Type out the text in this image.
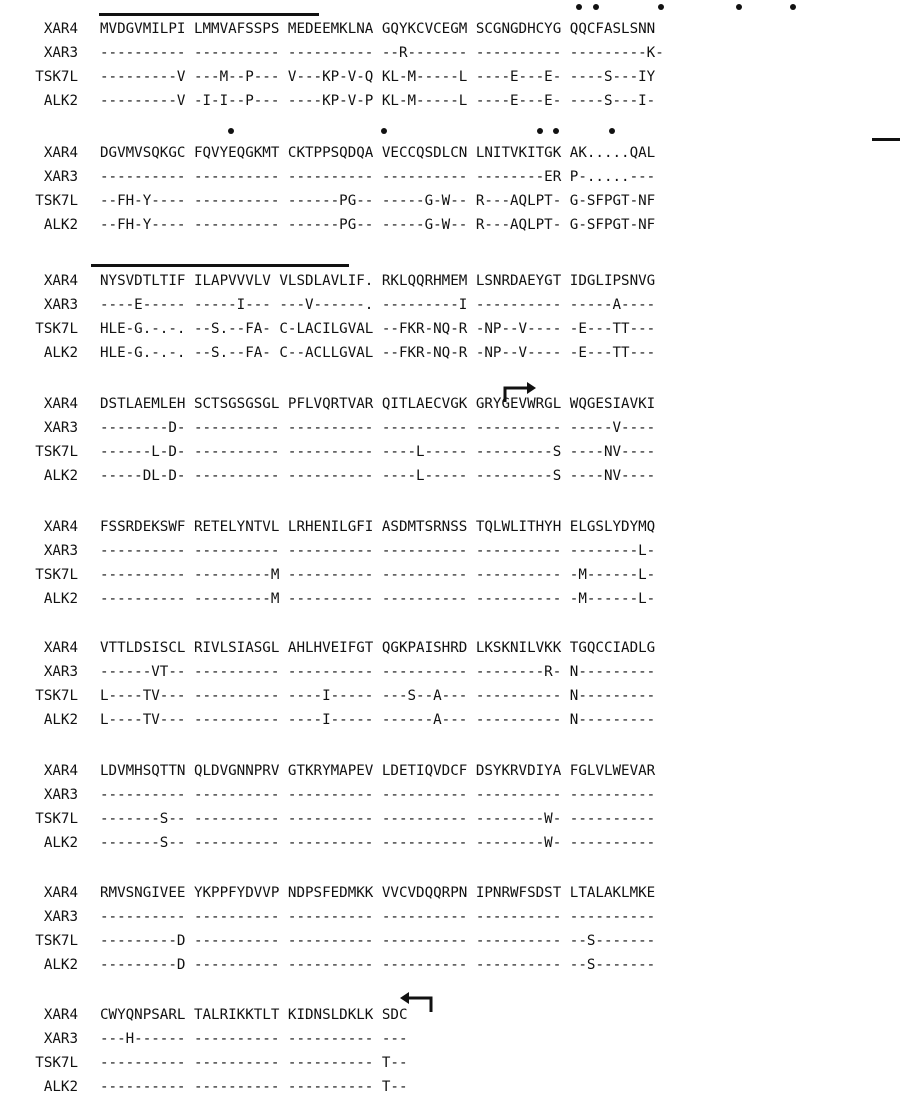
XAR4 MVDGVMILPI LMMVAFSSPS MEDEEMKLNA GQYKCVCEGM SCGNGDHCYG QQCFASLSNN
XAR3 ---------- ---------- ---------- --R------- ---------- ---------K-
TSK7L ---------V ---M--P--- V---KP-V-Q KL-M-----L ----E---E- ----S---IY
ALK2 ---------V -I-I--P--- ----KP-V-P KL-M-----L ----E---E- ----S---I-
XAR4 DGVMVSQKGC FQVYEQGKMT CKTPPSQDQA VECCQSDLCN LNITVKITGK AK.....QAL
XAR3 ---------- ---------- ---------- ---------- --------ER P-.....---
TSK7L --FH-Y---- ---------- ------PG-- -----G-W-- R---AQLPT- G-SFPGT-NF
ALK2 --FH-Y---- ---------- ------PG-- -----G-W-- R---AQLPT- G-SFPGT-NF
XAR4 NYSVDTLTIF ILAPVVVLV VLSDLAVLIF. RKLQQRHMEM LSNRDAEYGT IDGLIPSNVG
XAR3 ----E----- -----I--- ---V------. ---------I ---------- -----A----
TSK7L HLE-G.-.-. --S.--FA- C-LACILGVAL --FKR-NQ-R -NP--V---- -E---TT---
ALK2 HLE-G.-.-. --S.--FA- C--ACLLGVAL --FKR-NQ-R -NP--V---- -E---TT---
XAR4 DSTLAEMLEH SCTSGSGSGL PFLVQRTVAR QITLAECVGK GRYGEVWRGL WQGESIAVKI
XAR3 --------D- ---------- ---------- ---------- ---------- -----V----
TSK7L ------L-D- ---------- ---------- ----L----- ---------S ----NV----
ALK2 -----DL-D- ---------- ---------- ----L----- ---------S ----NV----
XAR4 FSSRDEKSWF RETELYNTVL LRHENILGFI ASDMTSRNSS TQLWLITHYH ELGSLYDYMQ
XAR3 ---------- ---------- ---------- ---------- ---------- --------L-
TSK7L ---------- ---------M ---------- ---------- ---------- -M------L-
ALK2 ---------- ---------M ---------- ---------- ---------- -M------L-
XAR4 VTTLDSISCL RIVLSIASGL AHLHVEIFGT QGKPAISHRD LKSKNILVKK TGQCCIADLG
XAR3 ------VT-- ---------- ---------- ---------- --------R- N---------
TSK7L L----TV--- ---------- ----I----- ---S--A--- ---------- N---------
ALK2 L----TV--- ---------- ----I----- ------A--- ---------- N---------
XAR4 LDVMHSQTTN QLDVGNNPRV GTKRYMAPEV LDETIQVDCF DSYKRVDIYA FGLVLWEVAR
XAR3 ---------- ---------- ---------- ---------- ---------- ----------
TSK7L -------S-- ---------- ---------- ---------- --------W- ----------
ALK2 -------S-- ---------- ---------- ---------- --------W- ----------
XAR4 RMVSNGIVEE YKPPFYDVVP NDPSFEDMKK VVCVDQQRPN IPNRWFSDST LTALAKLMKE
XAR3 ---------- ---------- ---------- ---------- ---------- ----------
TSK7L ---------D ---------- ---------- ---------- ---------- --S-------
ALK2 ---------D ---------- ---------- ---------- ---------- --S-------
XAR4 CWYQNPSARL TALRIKKTLT KIDNSLDKLK SDC
XAR3 ---H------ ---------- ---------- ---
TSK7L ---------- ---------- ---------- T--
ALK2 ---------- ---------- ---------- T--
